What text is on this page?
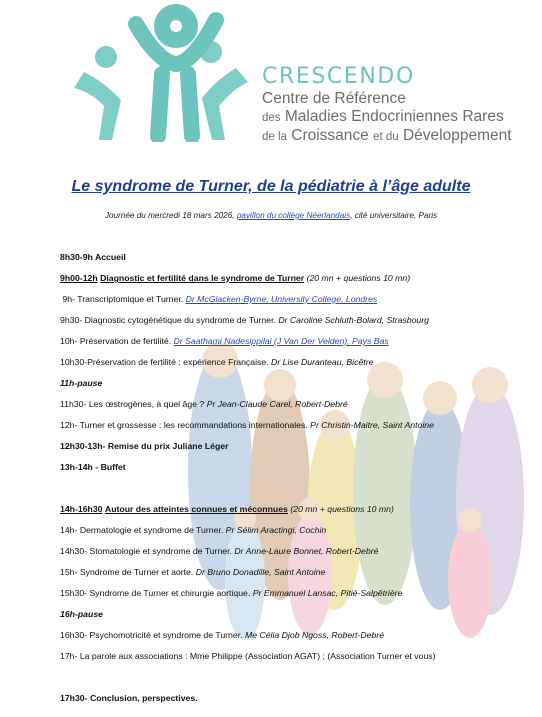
CRESCENDO
Centre de Référence
des Maladies Endocriniennes Rares
de la Croissance et du Développement
Le syndrome de Turner, de la pédiatrie à l’âge adulte
Journée du mercredi 18 mars 2026, pavillon du collège Néerlandais, cité universitaire, Paris
8h30-9h Accueil
9h00-12h Diagnostic et fertilité dans le syndrome de Turner (20 mn + questions 10 mn)
9h- Transcriptomique et Turner. Dr McGlacken-Byrne, University College, Londres
9h30- Diagnostic cytogénétique du syndrome de Turner. Dr Caroline Schluth-Bolard, Strasbourg
10h- Préservation de fertilité. Dr Saathami Nadesippilai (J Van Der Velden), Pays Bas
10h30-Préservation de fertilité : expérience Française. Dr Lise Duranteau, Bicêtre
11h-pause
11h30- Les œstrogènes, à quel âge ? Pr Jean-Claude Carel, Robert-Debré
12h- Turner et grossesse : les recommandations internationales. Pr Christin-Maitre, Saint Antoine
12h30-13h- Remise du prix Juliane Léger
13h-14h - Buffet
14h-16h30 Autour des atteintes connues et méconnues (20 mn + questions 10 mn)
14h- Dermatologie et syndrome de Turner. Pr Sélim Aractingi, Cochin
14h30- Stomatologie et syndrome de Turner. Dr Anne-Laure Bonnet, Robert-Debré
15h- Syndrome de Turner et aorte. Dr Bruno Donadille, Saint Antoine
15h30- Syndrome de Turner et chirurgie aortique. Pr Emmanuel Lansac, Pitié-Salpêtrière
16h-pause
16h30- Psychomotricité et syndrome de Turner. Me Célia Djob Ngoss, Robert-Debré
17h- La parole aux associations : Mme Philippe (Association AGAT) ; (Association Turner et vous)
17h30- Conclusion, perspectives.
